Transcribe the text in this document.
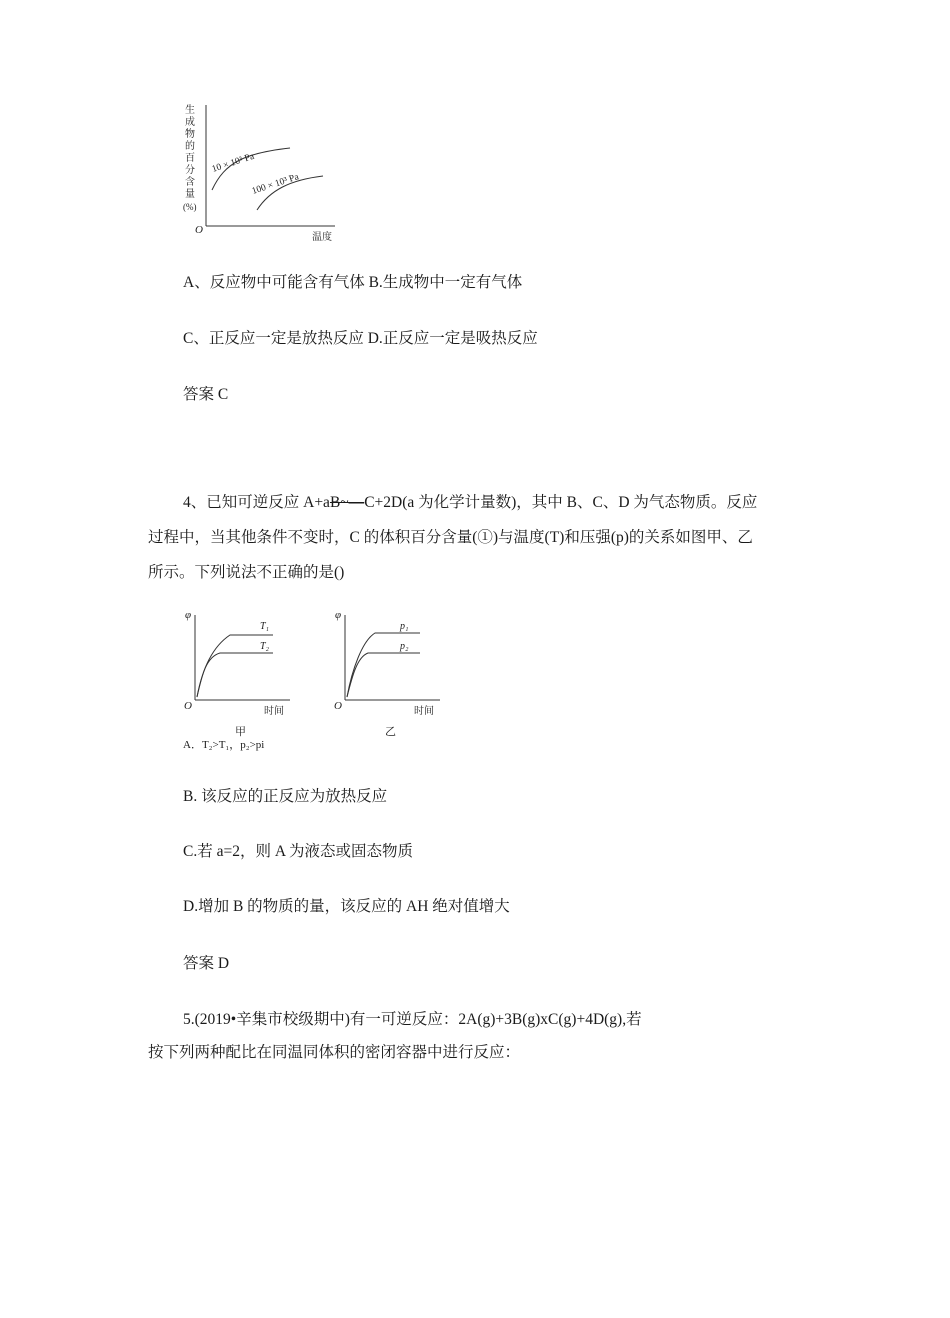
生
成
物
的
百
分
含
量
(%)
O
温度
10 × 10³ Pa
100 × 10³ Pa
A、反应物中可能含有气体 B.生成物中一定有气体
C、正反应一定是放热反应 D.正反应一定是吸热反应
答案 C
4、已知可逆反应 A+aB~—C+2D(a 为化学计量数)，其中 B、C、D 为气态物质。反应
过程中，当其他条件不变时，C 的体积百分含量(①)与温度(T)和压强(p)的关系如图甲、乙
所示。下列说法不正确的是()
φ
O	时间
T₁
T₂
甲
φ
O	时间
p₁
p₂
乙
A．T₂>T₁，p₂>pi
B. 该反应的正反应为放热反应
C.若 a=2，则 A 为液态或固态物质
D.增加 B 的物质的量，该反应的 AH 绝对值增大
答案 D
5.(2019•辛集市校级期中)有一可逆反应：2A(g)+3B(g)xC(g)+4D(g),若
按下列两种配比在同温同体积的密闭容器中进行反应：
